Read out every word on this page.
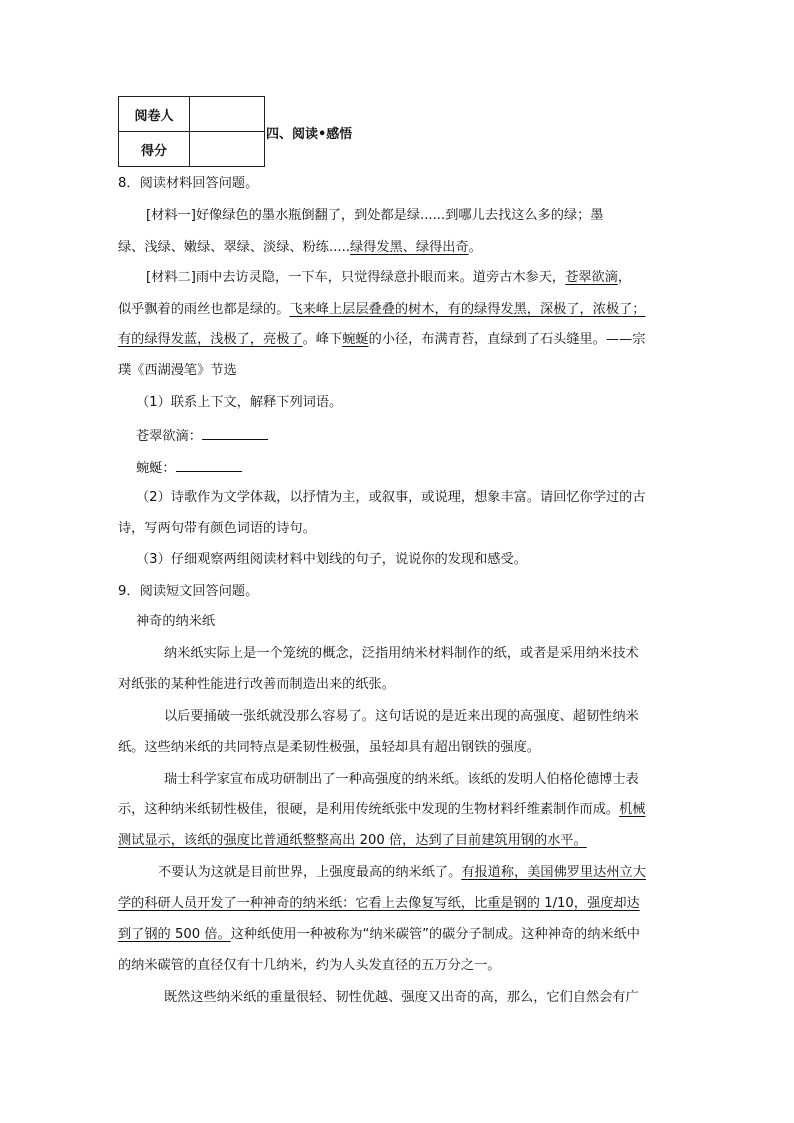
阅卷人	
得分	
四、阅读•感悟
8．阅读材料回答问题。
[材料一]好像绿色的墨水瓶倒翻了，到处都是绿......到哪儿去找这么多的绿；墨
绿、浅绿、嫩绿、翠绿、淡绿、粉练.....绿得发黑、绿得出奇。
[材料二]雨中去访灵隐，一下车，只觉得绿意扑眼而来。道旁古木参天，苍翠欲滴，
似乎飘着的雨丝也都是绿的。飞来峰上层层叠叠的树木，有的绿得发黑，深极了，浓极了；
有的绿得发蓝，浅极了，亮极了。峰下蜿蜒的小径，布满青苔，直绿到了石头缝里。——宗
璞《西湖漫笔》节选
（1）联系上下文，解释下列词语。
苍翠欲滴：
蜿蜒：
（2）诗歌作为文学体裁，以抒情为主，或叙事，或说理，想象丰富。请回忆你学过的古
诗，写两句带有颜色词语的诗句。
（3）仔细观察两组阅读材料中划线的句子，说说你的发现和感受。
9．阅读短文回答问题。
神奇的纳米纸
纳米纸实际上是一个笼统的概念，泛指用纳米材料制作的纸，或者是采用纳米技术
对纸张的某种性能进行改善而制造出来的纸张。
以后要捅破一张纸就没那么容易了。这句话说的是近来出现的高强度、超韧性纳米
纸。这些纳米纸的共同特点是柔韧性极强，虽轻却具有超出钢铁的强度。
瑞士科学家宣布成功研制出了一种高强度的纳米纸。该纸的发明人伯格伦德博士表
示，这种纳米纸韧性极佳，很硬，是利用传统纸张中发现的生物材料纤维素制作而成。机械
测试显示，该纸的强度比普通纸整整高出 200 倍，达到了目前建筑用钢的水平。
不要认为这就是目前世界，上强度最高的纳米纸了。有报道称，美国佛罗里达州立大
学的科研人员开发了一种神奇的纳米纸：它看上去像复写纸，比重是钢的 1/10，强度却达
到了钢的 500 倍。这种纸使用一种被称为“纳米碳管”的碳分子制成。这种神奇的纳米纸中
的纳米碳管的直径仅有十几纳米，约为人头发直径的五万分之一。
既然这些纳米纸的重量很轻、韧性优越、强度又出奇的高，那么，它们自然会有广
